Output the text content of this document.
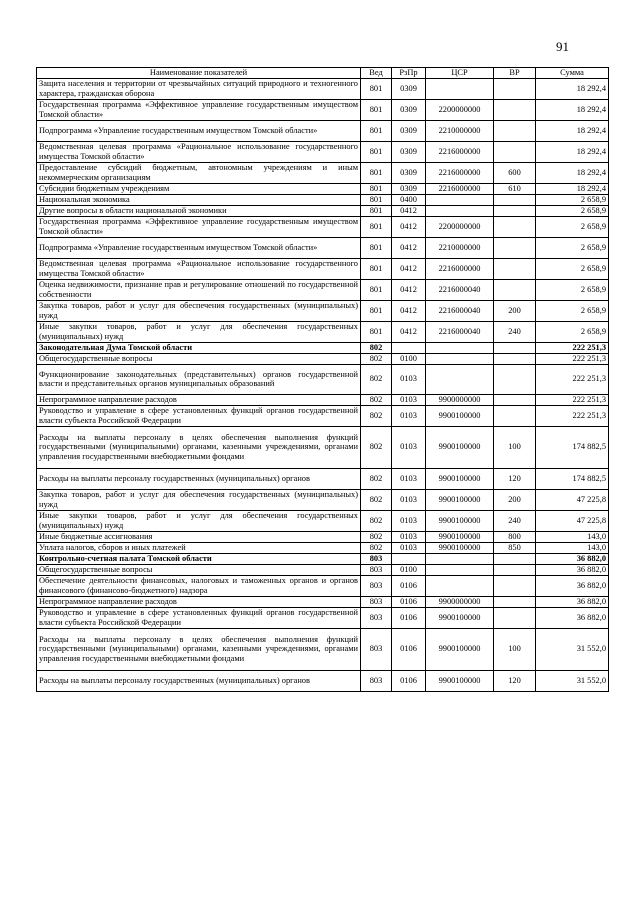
91
Наименование показателей	Вед	РзПр	ЦСР	ВР	Сумма
Защита населения и территории от чрезвычайных ситуаций природного и техногенного характера, гражданская оборона	801	0309			18 292,4
Государственная программа «Эффективное управление государственным имуществом Томской области»	801	0309	2200000000		18 292,4
Подпрограмма «Управление государственным имуществом Томской области»	801	0309	2210000000		18 292,4
Ведомственная целевая программа «Рациональное использование государственного имущества Томской области»	801	0309	2216000000		18 292,4
Предоставление субсидий бюджетным, автономным учреждениям и иным некоммерческим организациям	801	0309	2216000000	600	18 292,4
Субсидии бюджетным учреждениям	801	0309	2216000000	610	18 292,4
Национальная экономика	801	0400			2 658,9
Другие вопросы в области национальной экономики	801	0412			2 658,9
Государственная программа «Эффективное управление государственным имуществом Томской области»	801	0412	2200000000		2 658,9
Подпрограмма «Управление государственным имуществом Томской области»	801	0412	2210000000		2 658,9
Ведомственная целевая программа «Рациональное использование государственного имущества Томской области»	801	0412	2216000000		2 658,9
Оценка недвижимости, признание прав и регулирование отношений по государственной собственности	801	0412	2216000040		2 658,9
Закупка товаров, работ и услуг для обеспечения государственных (муниципальных) нужд	801	0412	2216000040	200	2 658,9
Иные закупки товаров, работ и услуг для обеспечения государственных (муниципальных) нужд	801	0412	2216000040	240	2 658,9
Законодательная Дума Томской области	802				222 251,3
Общегосударственные вопросы	802	0100			222 251,3
Функционирование законодательных (представительных) органов государственной власти и представительных органов муниципальных образований	802	0103			222 251,3
Непрограммное направление расходов	802	0103	9900000000		222 251,3
Руководство и управление в сфере установленных функций органов государственной власти субъекта Российской Федерации	802	0103	9900100000		222 251,3
Расходы на выплаты персоналу в целях обеспечения выполнения функций государственными (муниципальными) органами, казенными учреждениями, органами управления государственными внебюджетными фондами	802	0103	9900100000	100	174 882,5
Расходы на выплаты персоналу государственных (муниципальных) органов	802	0103	9900100000	120	174 882,5
Закупка товаров, работ и услуг для обеспечения государственных (муниципальных) нужд	802	0103	9900100000	200	47 225,8
Иные закупки товаров, работ и услуг для обеспечения государственных (муниципальных) нужд	802	0103	9900100000	240	47 225,8
Иные бюджетные ассигнования	802	0103	9900100000	800	143,0
Уплата налогов, сборов и иных платежей	802	0103	9900100000	850	143,0
Контрольно-счетная палата Томской области	803				36 882,0
Общегосударственные вопросы	803	0100			36 882,0
Обеспечение деятельности финансовых, налоговых и таможенных органов и органов финансового (финансово-бюджетного) надзора	803	0106			36 882,0
Непрограммное направление расходов	803	0106	9900000000		36 882,0
Руководство и управление в сфере установленных функций органов государственной власти субъекта Российской Федерации	803	0106	9900100000		36 882,0
Расходы на выплаты персоналу в целях обеспечения выполнения функций государственными (муниципальными) органами, казенными учреждениями, органами управления государственными внебюджетными фондами	803	0106	9900100000	100	31 552,0
Расходы на выплаты персоналу государственных (муниципальных) органов	803	0106	9900100000	120	31 552,0
